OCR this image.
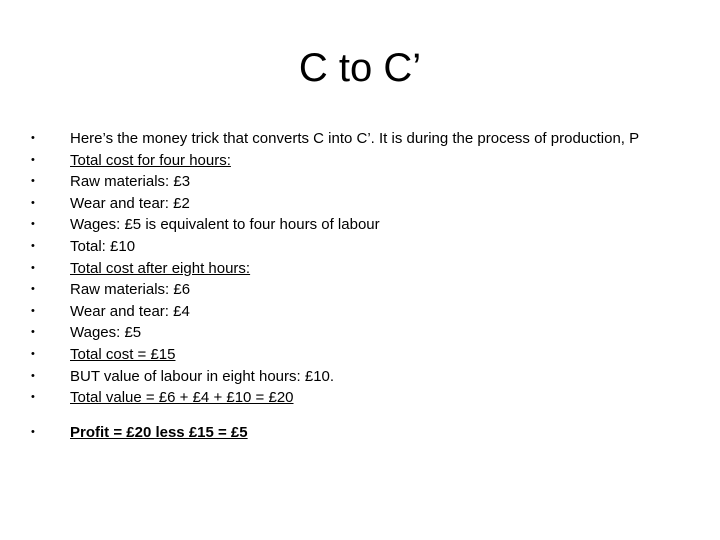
C to C’
• Here’s the money trick that converts C into C’. It is during the process of production, P
• Total cost for four hours:
• Raw materials: £3
• Wear and tear: £2
• Wages: £5 is equivalent to four hours of labour
• Total: £10
• Total cost after eight hours:
• Raw materials: £6
• Wear and tear: £4
• Wages: £5
• Total cost = £15
• BUT value of labour in eight hours: £10.
• Total value = £6 + £4 + £10 = £20
• Profit = £20 less £15 = £5
